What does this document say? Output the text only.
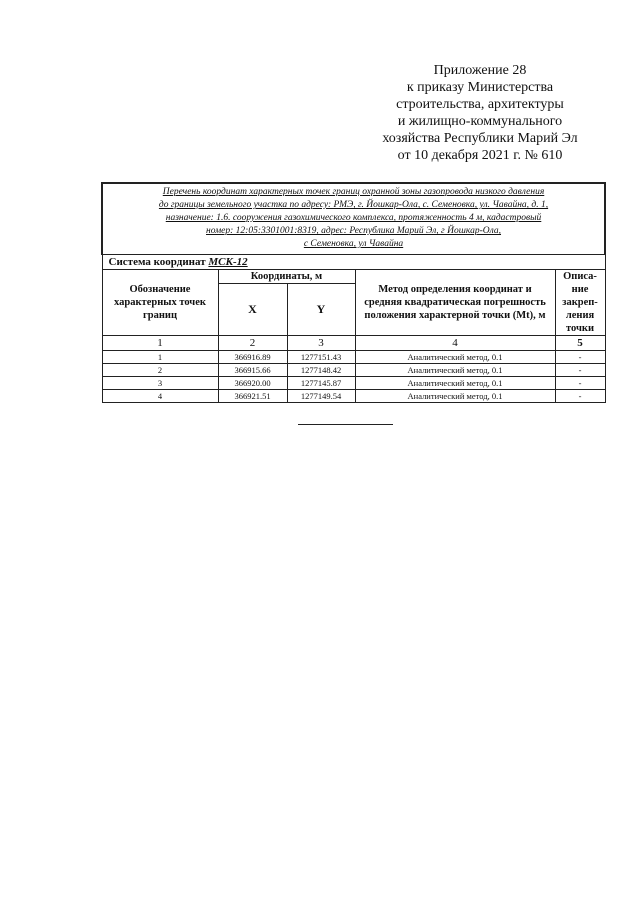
Приложение 28
к приказу Министерства
строительства, архитектуры
и жилищно-коммунального
хозяйства Республики Марий Эл
от 10 декабря 2021 г. № 610
Перечень координат характерных точек границ охранной зоны газопровода низкого давления
до границы земельного участка по адресу: РМЭ, г. Йошкар-Ола, с. Семеновка, ул. Чавайна, д. 1,
назначение: 1.6. сооружения газохимического комплекса, протяженность 4 м, кадастровый
номер: 12:05:3301001:8319, адрес: Республика Марий Эл, г Йошкар-Ола,
с Семеновка, ул Чавайна				

Система координат МСК-12				
Обозначение характерных точек границ	Координаты, м		Метод определения координат и средняя квадратическая погрешность положения характерной точки (Mt), м	Описа-ние закреп-ления точки
	X	Y		
1	2	3	4	5
1	366916.89	1277151.43	Аналитический метод, 0.1	-
2	366915.66	1277148.42	Аналитический метод, 0.1	-
3	366920.00	1277145.87	Аналитический метод, 0.1	-
4	366921.51	1277149.54	Аналитический метод, 0.1	-
